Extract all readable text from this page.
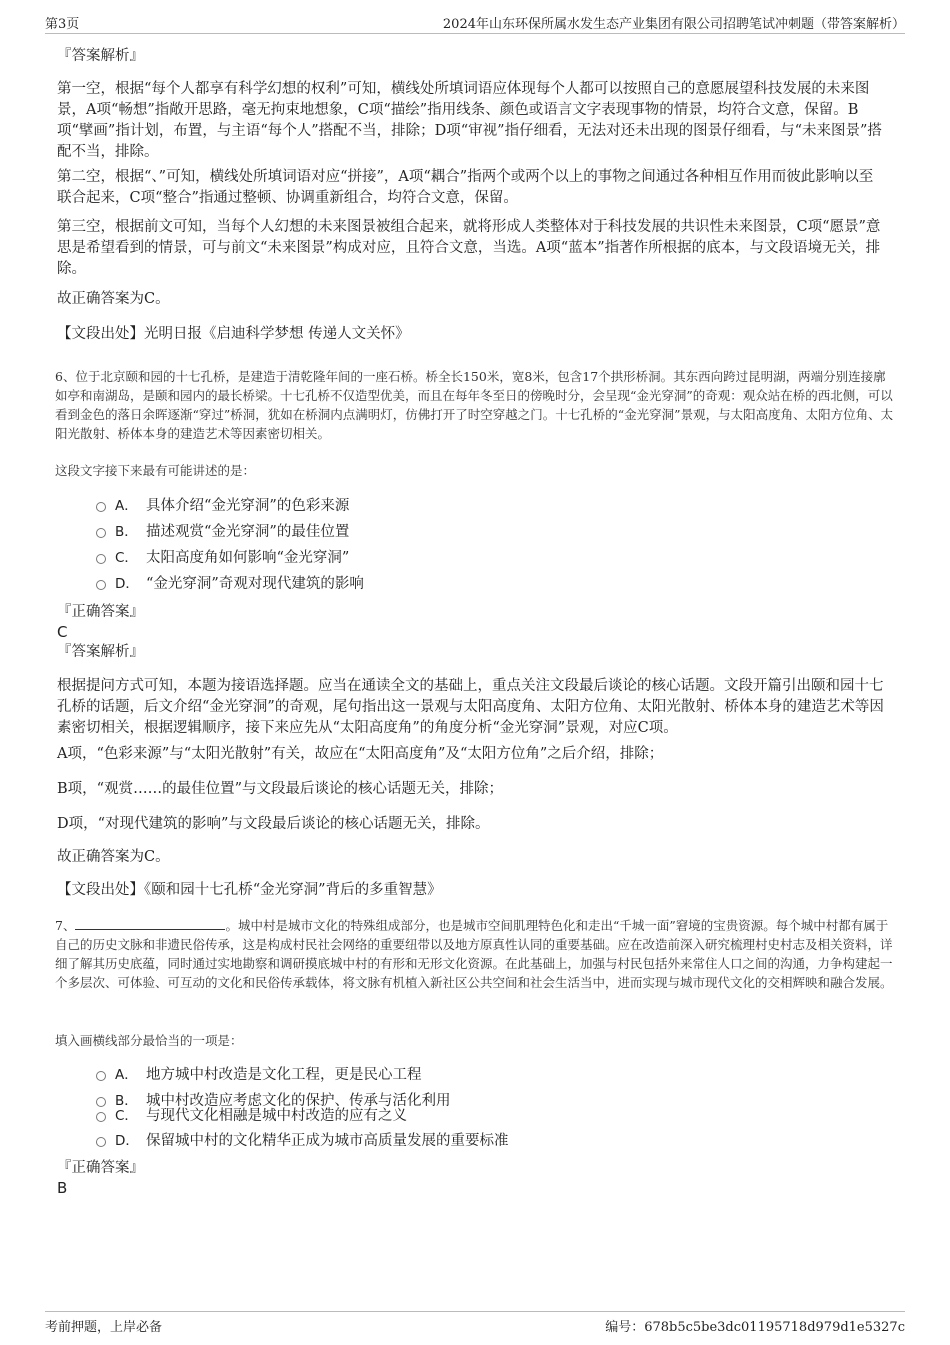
第3页	2024年山东环保所属水发生态产业集团有限公司招聘笔试冲刺题（带答案解析）

『答案解析』

第一空，根据“每个人都享有科学幻想的权利”可知，横线处所填词语应体现每个人都可以按照自己的意愿展望科技发展的未来图景，A项“畅想”指敞开思路，毫无拘束地想象，C项“描绘”指用线条、颜色或语言文字表现事物的情景，均符合文意，保留。B项“擘画”指计划，布置，与主语“每个人”搭配不当，排除；D项“审视”指仔细看，无法对还未出现的图景仔细看，与“未来图景”搭配不当，排除。

第二空，根据“、”可知，横线处所填词语对应“拼接”，A项“耦合”指两个或两个以上的事物之间通过各种相互作用而彼此影响以至联合起来，C项“整合”指通过整顿、协调重新组合，均符合文意，保留。

第三空，根据前文可知，当每个人幻想的未来图景被组合起来，就将形成人类整体对于科技发展的共识性未来图景，C项“愿景”意思是希望看到的情景，可与前文“未来图景”构成对应，且符合文意，当选。A项“蓝本”指著作所根据的底本，与文段语境无关，排除。

故正确答案为C。

【文段出处】光明日报《启迪科学梦想 传递人文关怀》

6、位于北京颐和园的十七孔桥，是建造于清乾隆年间的一座石桥。桥全长150米，宽8米，包含17个拱形桥洞。其东西向跨过昆明湖，两端分别连接廓如亭和南湖岛，是颐和园内的最长桥梁。十七孔桥不仅造型优美，而且在每年冬至日的傍晚时分，会呈现“金光穿洞”的奇观：观众站在桥的西北侧，可以看到金色的落日余晖逐渐“穿过”桥洞，犹如在桥洞内点满明灯，仿佛打开了时空穿越之门。十七孔桥的“金光穿洞”景观，与太阳高度角、太阳方位角、太阳光散射、桥体本身的建造艺术等因素密切相关。

这段文字接下来最有可能讲述的是：

A． 具体介绍“金光穿洞”的色彩来源
B． 描述观赏“金光穿洞”的最佳位置
C． 太阳高度角如何影响“金光穿洞”
D． “金光穿洞”奇观对现代建筑的影响

『正确答案』

C

『答案解析』

根据提问方式可知，本题为接语选择题。应当在通读全文的基础上，重点关注文段最后谈论的核心话题。文段开篇引出颐和园十七孔桥的话题，后文介绍“金光穿洞”的奇观，尾句指出这一景观与太阳高度角、太阳方位角、太阳光散射、桥体本身的建造艺术等因素密切相关，根据逻辑顺序，接下来应先从“太阳高度角”的角度分析“金光穿洞”景观，对应C项。

A项，“色彩来源”与“太阳光散射”有关，故应在“太阳高度角”及“太阳方位角”之后介绍，排除；

B项，“观赏……的最佳位置”与文段最后谈论的核心话题无关，排除；

D项，“对现代建筑的影响”与文段最后谈论的核心话题无关，排除。

故正确答案为C。

【文段出处】《颐和园十七孔桥“金光穿洞”背后的多重智慧》

7、	。城中村是城市文化的特殊组成部分，也是城市空间肌理特色化和走出“千城一面”窘境的宝贵资源。每个城中村都有属于自己的历史文脉和非遗民俗传承，这是构成村民社会网络的重要纽带以及地方原真性认同的重要基础。应在改造前深入研究梳理村史村志及相关资料，详细了解其历史底蕴，同时通过实地勘察和调研摸底城中村的有形和无形文化资源。在此基础上，加强与村民包括外来常住人口之间的沟通，力争构建起一个多层次、可体验、可互动的文化和民俗传承载体，将文脉有机植入新社区公共空间和社会生活当中，进而实现与城市现代文化的交相辉映和融合发展。

填入画横线部分最恰当的一项是：

A． 地方城中村改造是文化工程，更是民心工程
B． 城中村改造应考虑文化的保护、传承与活化利用
C． 与现代文化相融是城中村改造的应有之义
D． 保留城中村的文化精华正成为城市高质量发展的重要标准

『正确答案』

B

考前押题，上岸必备	编号：678b5c5be3dc01195718d979d1e5327c
